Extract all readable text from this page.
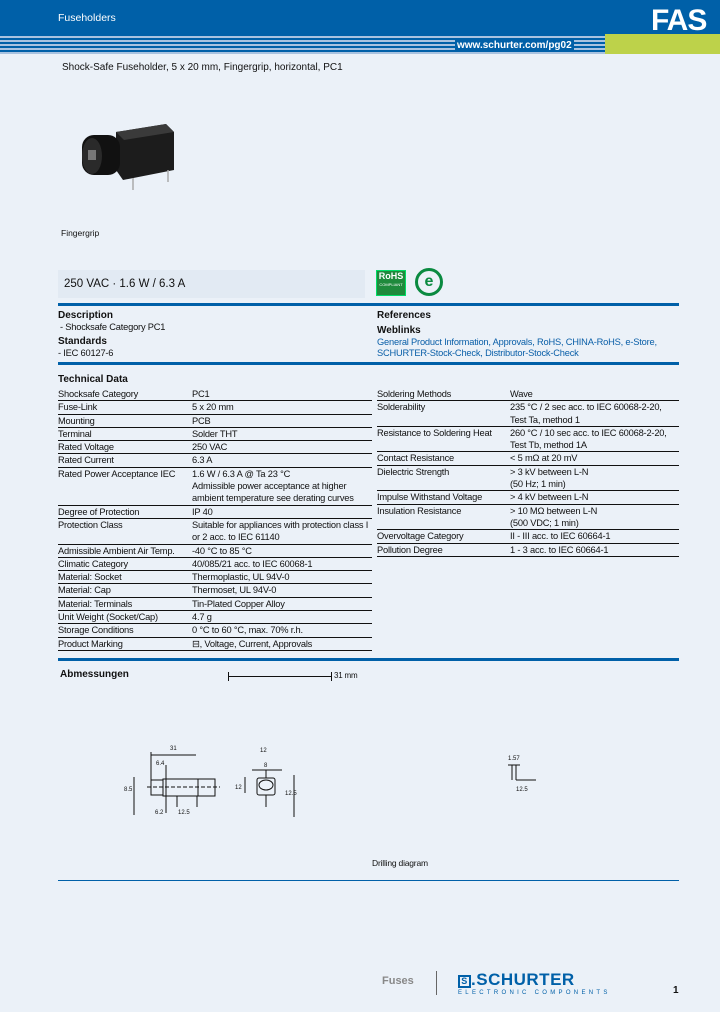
Fuseholders	FAS
www.schurter.com/pg02
Shock-Safe Fuseholder, 5 x 20 mm, Fingergrip, horizontal, PC1
Fingergrip
250 VAC · 1.6 W / 6.3 A
RoHS
COMPLIANT	e
Description
- Shocksafe Category PC1
Standards
- IEC 60127-6
References
Weblinks
General Product Information, Approvals, RoHS, CHINA-RoHS, e-Store,
SCHURTER-Stock-Check, Distributor-Stock-Check
Technical Data
Shocksafe Category	PC1
Fuse-Link	5 x 20 mm
Mounting	PCB
Terminal	Solder THT
Rated Voltage	250 VAC
Rated Current	6.3 A
Rated Power Acceptance IEC	1.6 W / 6.3 A @ Ta 23 °C
Admissible power acceptance at higher ambient temperature see derating curves
Degree of Protection	IP 40
Protection Class	Suitable for appliances with protection class I or 2 acc. to IEC 61140
Admissible Ambient Air Temp.	-40 °C to 85 °C
Climatic Category	40/085/21 acc. to IEC 60068-1
Material: Socket	Thermoplastic, UL 94V-0
Material: Cap	Thermoset, UL 94V-0
Material: Terminals	Tin-Plated Copper Alloy
Unit Weight (Socket/Cap)	4.7 g
Storage Conditions	0 °C to 60 °C, max. 70% r.h.
Product Marking	⊟, Voltage, Current, Approvals
Soldering Methods	Wave
Solderability	235 °C / 2 sec acc. to IEC 60068-2-20, Test Ta, method 1
Resistance to Soldering Heat	260 °C / 10 sec acc. to IEC 60068-2-20, Test Tb, method 1A
Contact Resistance	< 5 mΩ at 20 mV
Dielectric Strength	> 3 kV between L-N
(50 Hz; 1 min)
Impulse Withstand Voltage	> 4 kV between L-N
Insulation Resistance	> 10 MΩ between L-N
(500 VDC; 1 min)
Overvoltage Category	II - III acc. to IEC 60664-1
Pollution Degree	1 - 3 acc. to IEC 60664-1
Abmessungen	31 mm
31
6.4
6.2 12.5
8.5
8
12
12
12.5
1.57
12.5
Drilling diagram
Fuses	S .SCHURTER
ELECTRONIC COMPONENTS	1
